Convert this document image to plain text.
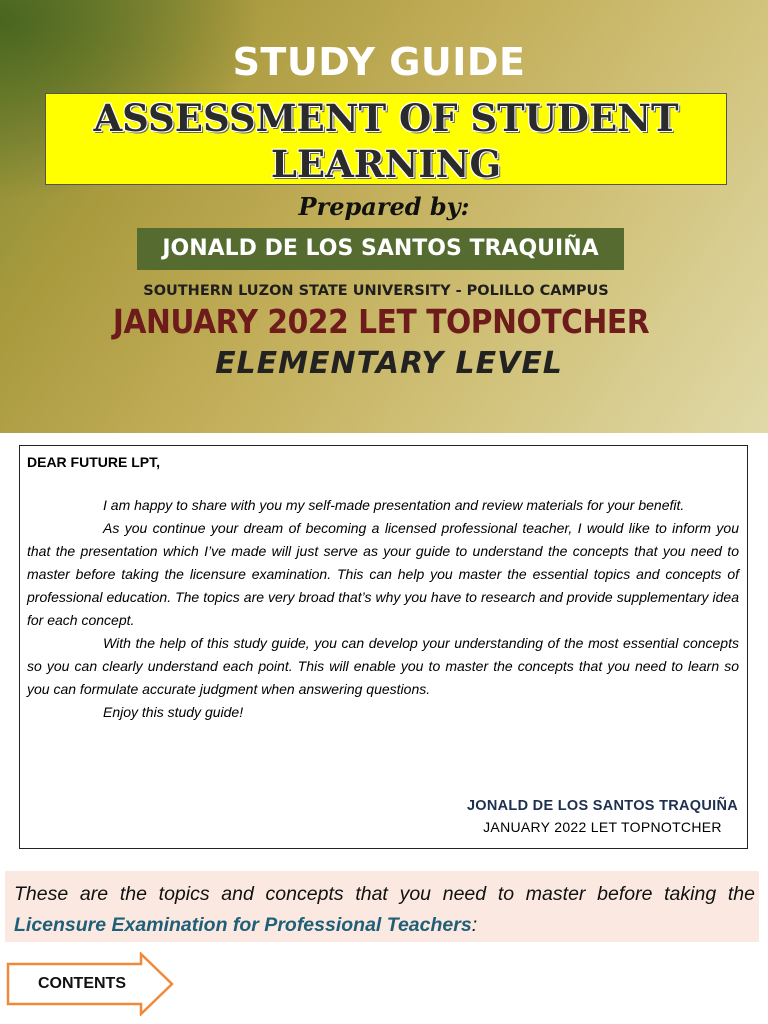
STUDY GUIDE
ASSESSMENT OF STUDENT
LEARNING
Prepared by:
JONALD DE LOS SANTOS TRAQUIÑA
SOUTHERN LUZON STATE UNIVERSITY - POLILLO CAMPUS
JANUARY 2022 LET TOPNOTCHER
ELEMENTARY LEVEL
DEAR FUTURE LPT,

I am happy to share with you my self-made presentation and review materials for your benefit.

As you continue your dream of becoming a licensed professional teacher, I would like to inform you that the presentation which I’ve made will just serve as your guide to understand the concepts that you need to master before taking the licensure examination. This can help you master the essential topics and concepts of professional education. The topics are very broad that’s why you have to research and provide supplementary idea for each concept.

With the help of this study guide, you can develop your understanding of the most essential concepts so you can clearly understand each point. This will enable you to master the concepts that you need to learn so you can formulate accurate judgment when answering questions.

Enjoy this study guide!

JONALD DE LOS SANTOS TRAQUIÑA
JANUARY 2022 LET TOPNOTCHER
These are the topics and concepts that you need to master before taking the Licensure Examination for Professional Teachers:
CONTENTS
